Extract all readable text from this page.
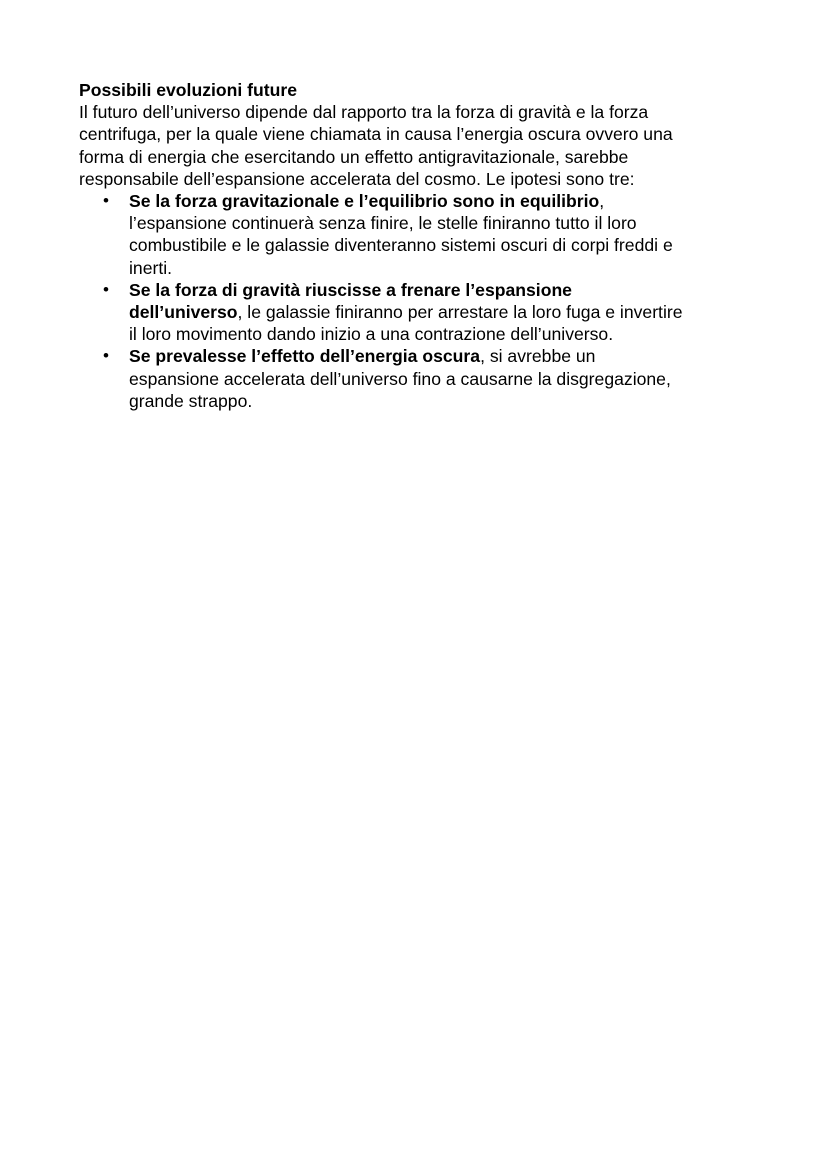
Possibili evoluzioni future

Il futuro dell’universo dipende dal rapporto tra la forza di gravità e la forza

centrifuga, per la quale viene chiamata in causa l’energia oscura ovvero una

forma di energia che esercitando un effetto antigravitazionale, sarebbe

responsabile dell’espansione accelerata del cosmo. Le ipotesi sono tre:

• Se la forza gravitazionale e l’equilibrio sono in equilibrio,
l’espansione continuerà senza finire, le stelle finiranno tutto il loro
combustibile e le galassie diventeranno sistemi oscuri di corpi freddi e
inerti.
• Se la forza di gravità riuscisse a frenare l’espansione
dell’universo, le galassie finiranno per arrestare la loro fuga e invertire
il loro movimento dando inizio a una contrazione dell’universo.
• Se prevalesse l’effetto dell’energia oscura, si avrebbe un
espansione accelerata dell’universo fino a causarne la disgregazione,
grande strappo.
